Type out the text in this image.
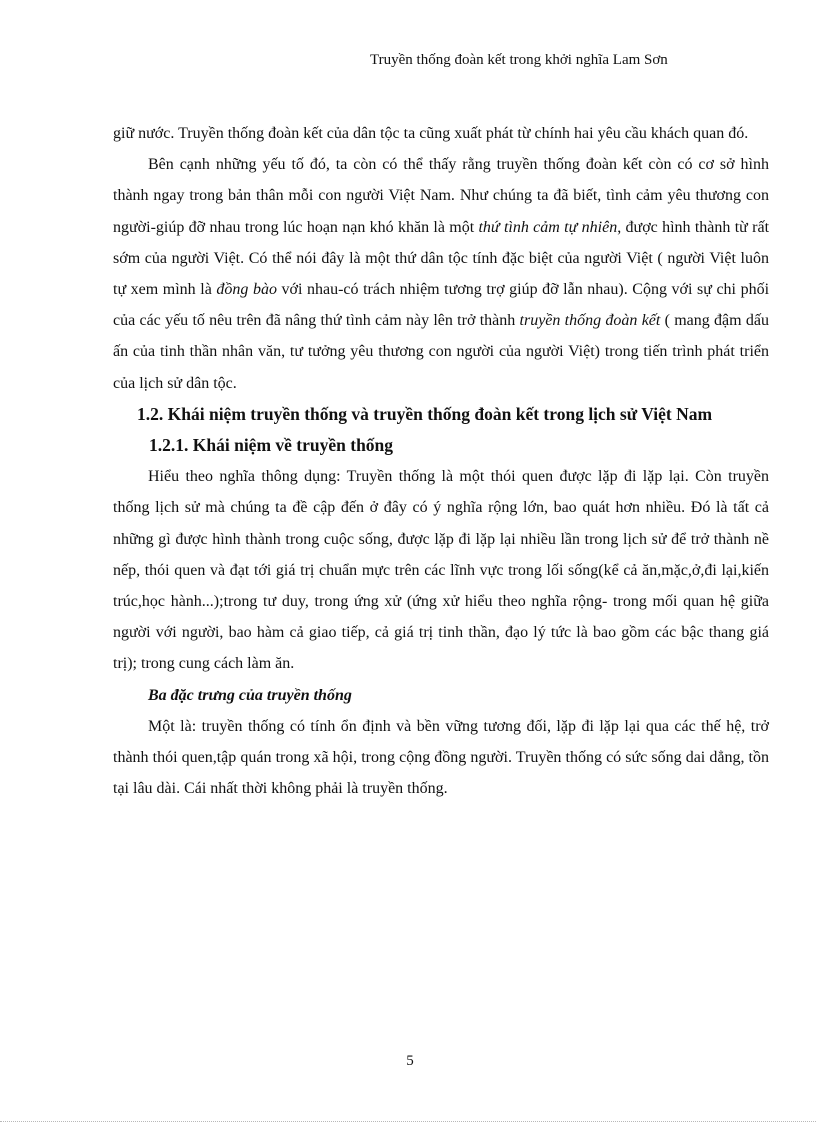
Truyền thống đoàn kết trong khởi nghĩa Lam Sơn

giữ nước. Truyền thống đoàn kết của dân tộc ta cũng xuất phát từ chính hai yêu cầu khách quan đó.

Bên cạnh những yếu tố đó, ta còn có thể thấy rằng truyền thống đoàn kết còn có cơ sở hình thành ngay trong bản thân mỗi con người Việt Nam. Như chúng ta đã biết, tình cảm yêu thương con người-giúp đỡ nhau trong lúc hoạn nạn khó khăn là một thứ tình cảm tự nhiên, được hình thành từ rất sớm của người Việt. Có thể nói đây là một thứ dân tộc tính đặc biệt của người Việt ( người Việt luôn tự xem mình là đồng bào với nhau-có trách nhiệm tương trợ giúp đỡ lẫn nhau). Cộng với sự chi phối của các yếu tố nêu trên đã nâng thứ tình cảm này lên trở thành truyền thống đoàn kết ( mang đậm dấu ấn của tinh thần nhân văn, tư tưởng yêu thương con người của người Việt) trong tiến trình phát triển của lịch sử dân tộc.

1.2. Khái niệm truyền thống và truyền thống đoàn kết trong lịch sử Việt Nam

1.2.1. Khái niệm về truyền thống

Hiểu theo nghĩa thông dụng: Truyền thống là một thói quen được lặp đi lặp lại. Còn truyền thống lịch sử mà chúng ta đề cập đến ở đây có ý nghĩa rộng lớn, bao quát hơn nhiều. Đó là tất cả những gì được hình thành trong cuộc sống, được lặp đi lặp lại nhiều lần trong lịch sử để trở thành nề nếp, thói quen và đạt tới giá trị chuẩn mực trên các lĩnh vực trong lối sống(kể cả ăn,mặc,ở,đi lại,kiến trúc,học hành...);trong tư duy, trong ứng xử (ứng xử hiểu theo nghĩa rộng- trong mối quan hệ giữa người với người, bao hàm cả giao tiếp, cả giá trị tinh thần, đạo lý tức là bao gồm các bậc thang giá trị); trong cung cách làm ăn.

Ba đặc trưng của truyền thống

Một là: truyền thống có tính ổn định và bền vững tương đối, lặp đi lặp lại qua các thế hệ, trở thành thói quen,tập quán trong xã hội, trong cộng đồng người. Truyền thống có sức sống dai dẳng, tồn tại lâu dài. Cái nhất thời không phải là truyền thống.

5
